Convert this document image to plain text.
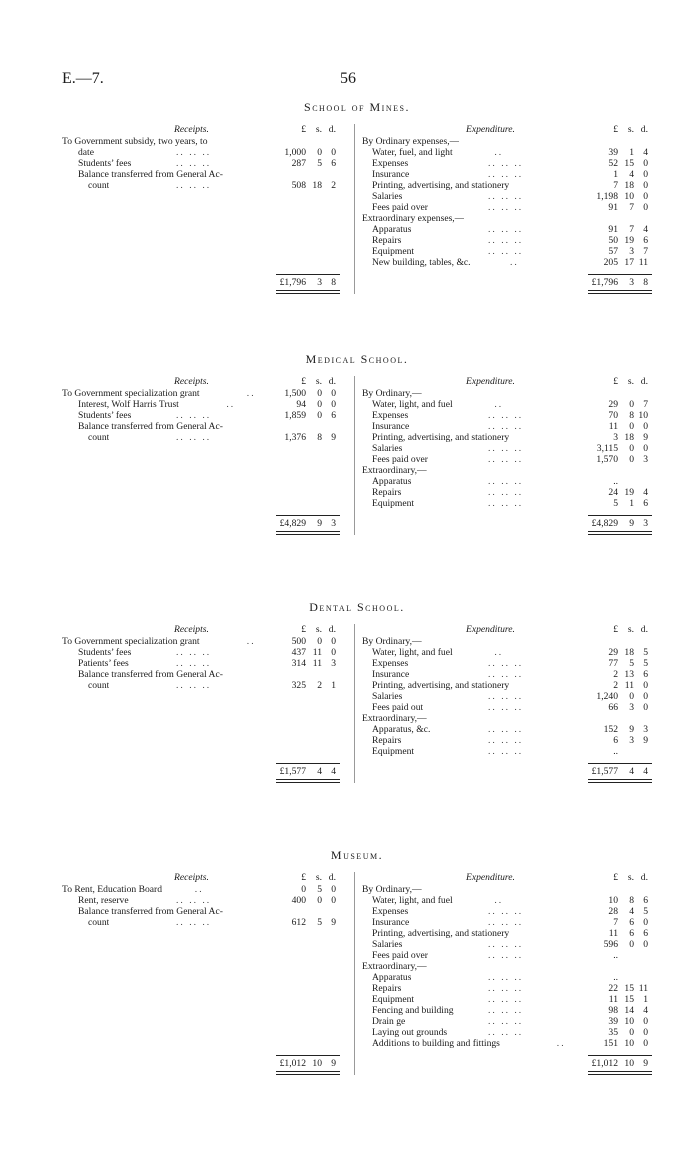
E.—7.	56
School of Mines.
Receipts.	£ s. d.	Expenditure.	£ s. d.
To Government subsidy, two years, to
date	.. .. ..	1,000 0 0
Students’ fees	.. .. ..	287 5 6
Balance transferred from General Ac-
count	.. .. ..	508 18 2
By Ordinary expenses,—
Water, fuel, and light	..	39 1 4
Expenses	.. .. ..	52 15 0
Insurance	.. .. ..	1 4 0
Printing, advertising, and stationery	7 18 0
Salaries	.. .. ..	1,198 10 0
Fees paid over	.. .. ..	91 7 0
Extraordinary expenses,—
Apparatus	.. .. ..	91 7 4
Repairs	.. .. ..	50 19 6
Equipment	.. .. ..	57 3 7
New building, tables, &c.	..	205 17 11
£1,796 3 8	£1,796 3 8
Medical School.
Receipts.	£ s. d.	Expenditure.	£ s. d.
To Government specialization grant	..	1,500 0 0
Interest, Wolf Harris Trust	..	94 0 0
Students’ fees	.. .. ..	1,859 0 6
Balance transferred from General Ac-
count	.. .. ..	1,376 8 9
By Ordinary,—
Water, light, and fuel	..	29 0 7
Expenses	.. .. ..	70 8 10
Insurance	.. .. ..	11 0 0
Printing, advertising, and stationery	3 18 9
Salaries	.. .. ..	3,115 0 0
Fees paid over	.. .. ..	1,570 0 3
Extraordinary,—
Apparatus	.. .. ..	..
Repairs	.. .. ..	24 19 4
Equipment	.. .. ..	5 1 6
£4,829 9 3	£4,829 9 3
Dental School.
Receipts.	£ s. d.	Expenditure.	£ s. d.
To Government specialization grant	..	500 0 0
Students’ fees	.. .. ..	437 11 0
Patients’ fees	.. .. ..	314 11 3
Balance transferred from General Ac-
count	.. .. ..	325 2 1
By Ordinary,—
Water, light, and fuel	..	29 18 5
Expenses	.. .. ..	77 5 5
Insurance	.. .. ..	2 13 6
Printing, advertising, and stationery	2 11 0
Salaries	.. .. ..	1,240 0 0
Fees paid out	.. .. ..	66 3 0
Extraordinary,—
Apparatus, &c.	.. .. ..	152 9 3
Repairs	.. .. ..	6 3 9
Equipment	.. .. ..	..
£1,577 4 4	£1,577 4 4
Museum.
Receipts.	£ s. d.	Expenditure.	£ s. d.
To Rent, Education Board	..	0 5 0
Rent, reserve	.. .. ..	400 0 0
Balance transferred from General Ac-
count	.. .. ..	612 5 9
By Ordinary,—
Water, light, and fuel	..	10 8 6
Expenses	.. .. ..	28 4 5
Insurance	.. .. ..	7 6 0
Printing, advertising, and stationery	11 6 6
Salaries	.. .. ..	596 0 0
Fees paid over	.. .. ..	..
Extraordinary,—
Apparatus	.. .. ..	..
Repairs	.. .. ..	22 15 11
Equipment	.. .. ..	11 15 1
Fencing and building	.. .. ..	98 14 4
Drain ge	.. .. ..	39 10 0
Laying out grounds	.. .. ..	35 0 0
Additions to building and fittings	..	151 10 0
£1,012 10 9	£1,012 10 9
